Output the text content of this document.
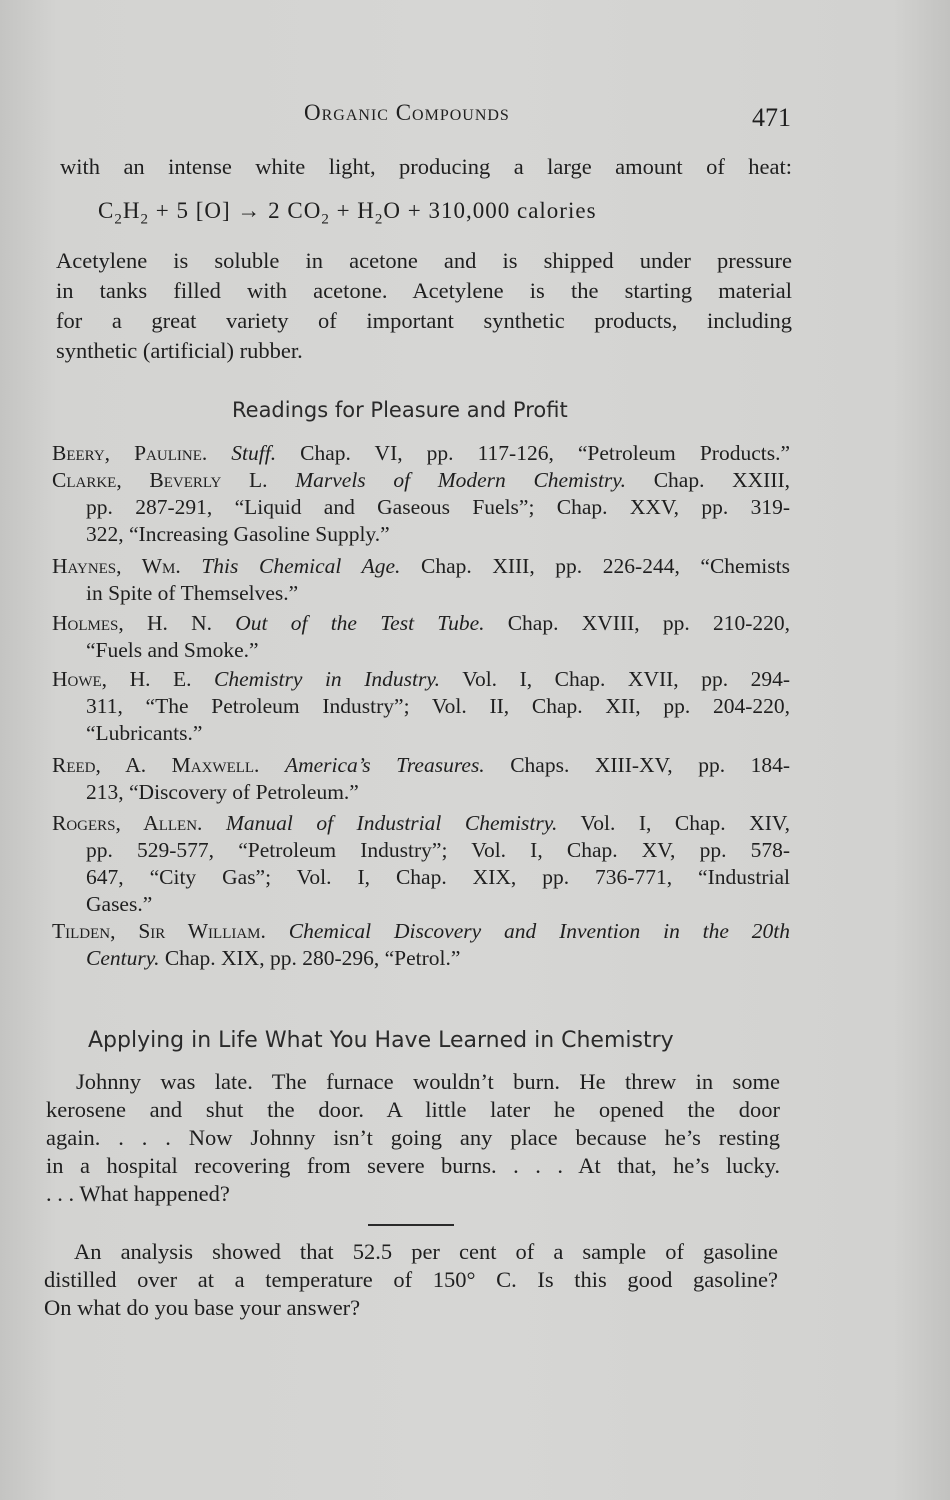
Organic Compounds	471
with an intense white light, producing a large amount of heat:
$C_2H_2 + 5$ [O] → 2 $CO_2 + H_2O + 310,000$ calories
Acetylene is soluble in acetone and is shipped under pressure
in tanks filled with acetone. Acetylene is the starting material
for a great variety of important synthetic products, including
synthetic (artificial) rubber.
Readings for Pleasure and Profit
Beery, Pauline. Stuff. Chap. VI, pp. 117-126, “Petroleum Products.”
Clarke, Beverly L. Marvels of Modern Chemistry. Chap. XXIII,
pp. 287-291, “Liquid and Gaseous Fuels”; Chap. XXV, pp. 319-
322, “Increasing Gasoline Supply.”
Haynes, Wm. This Chemical Age. Chap. XIII, pp. 226-244, “Chemists
in Spite of Themselves.”
Holmes, H. N. Out of the Test Tube. Chap. XVIII, pp. 210-220,
“Fuels and Smoke.”
Howe, H. E. Chemistry in Industry. Vol. I, Chap. XVII, pp. 294-
311, “The Petroleum Industry”; Vol. II, Chap. XII, pp. 204-220,
“Lubricants.”
Reed, A. Maxwell. America’s Treasures. Chaps. XIII-XV, pp. 184-
213, “Discovery of Petroleum.”
Rogers, Allen. Manual of Industrial Chemistry. Vol. I, Chap. XIV,
pp. 529-577, “Petroleum Industry”; Vol. I, Chap. XV, pp. 578-
647, “City Gas”; Vol. I, Chap. XIX, pp. 736-771, “Industrial
Gases.”
Tilden, Sir William. Chemical Discovery and Invention in the 20th
Century. Chap. XIX, pp. 280-296, “Petrol.”
Applying in Life What You Have Learned in Chemistry
Johnny was late. The furnace wouldn’t burn. He threw in some
kerosene and shut the door. A little later he opened the door
again. . . . Now Johnny isn’t going any place because he’s resting
in a hospital recovering from severe burns. . . . At that, he’s lucky.
. . . What happened?
An analysis showed that 52.5 per cent of a sample of gasoline
distilled over at a temperature of 150° C. Is this good gasoline?
On what do you base your answer?
